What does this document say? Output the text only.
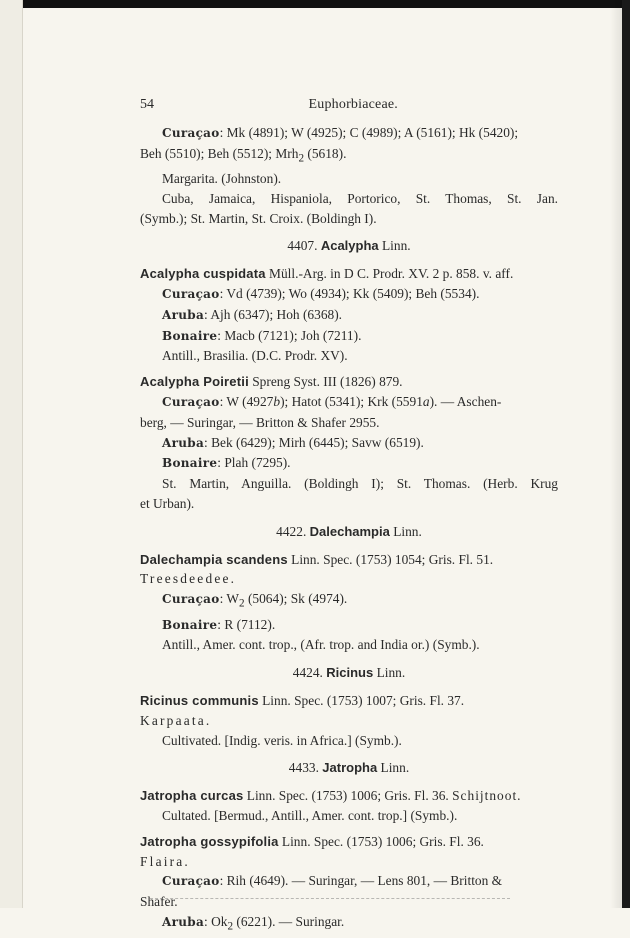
54	Euphorbiaceae.
Curaçao: Mk (4891); W (4925); C (4989); A (5161); Hk (5420);
Beh (5510); Beh (5512); Mrh$_2$ (5618).
Margarita. (Johnston).
Cuba, Jamaica, Hispaniola, Portorico, St. Thomas, St. Jan.
(Symb.); St. Martin, St. Croix. (Boldingh I).
4407. Acalypha Linn.
Acalypha cuspidata Müll.-Arg. in D C. Prodr. XV. 2 p. 858. v. aff.
Curaçao: Vd (4739); Wo (4934); Kk (5409); Beh (5534).
Aruba: Ajh (6347); Hoh (6368).
Bonaire: Macb (7121); Joh (7211).
Antill., Brasilia. (D.C. Prodr. XV).
Acalypha Poiretii Spreng Syst. III (1826) 879.
Curaçao: W (4927b); Hatot (5341); Krk (5591a). — Aschen-
berg, — Suringar, — Britton & Shafer 2955.
Aruba: Bek (6429); Mirh (6445); Savw (6519).
Bonaire: Plah (7295).
St. Martin, Anguilla. (Boldingh I); St. Thomas. (Herb. Krug
et Urban).
4422. Dalechampia Linn.
Dalechampia scandens Linn. Spec. (1753) 1054; Gris. Fl. 51.
Treesdeedee.
Curaçao: $W_2$ (5064); Sk (4974).
Bonaire: R (7112).
Antill., Amer. cont. trop., (Afr. trop. and India or.) (Symb.).
4424. Ricinus Linn.
Ricinus communis Linn. Spec. (1753) 1007; Gris. Fl. 37.
Karpaata.
Cultivated. [Indig. veris. in Africa.] (Symb.).
4433. Jatropha Linn.
Jatropha curcas Linn. Spec. (1753) 1006; Gris. Fl. 36. Schijtnoot.
Cultated. [Bermud., Antill., Amer. cont. trop.] (Symb.).
Jatropha gossypifolia Linn. Spec. (1753) 1006; Gris. Fl. 36.
Flaira.
Curaçao: Rih (4649). — Suringar, — Lens 801, — Britton &
Shafer.
Aruba: $Ok_2$ (6221). — Suringar.
